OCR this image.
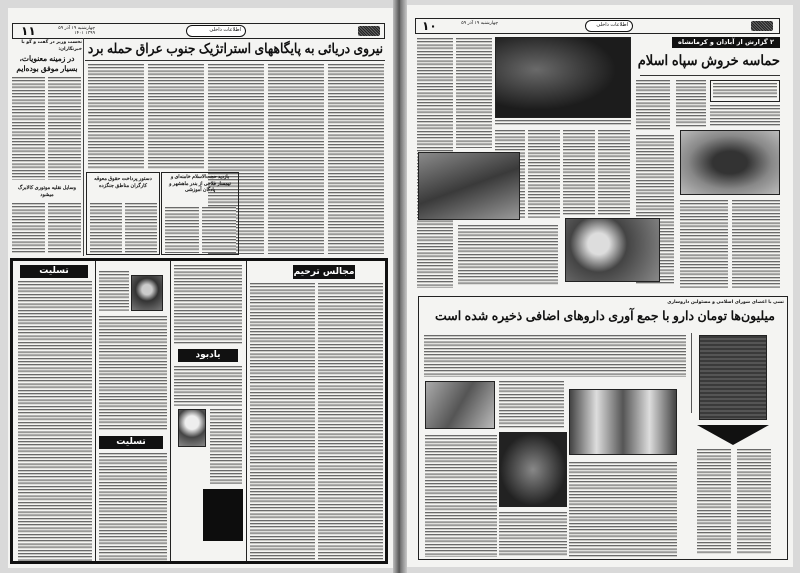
۱۱	چهارشنبه ۱۹ آذر ۵۹
۱۳۹۹ ۱۴۰۱
اطلاعات داخلی
نیروی دریائی به پایگاههای استراتژیک جنوب عراق حمله برد
نخست وزیر در گفت و گو با خبرنگاران:
در زمینه معنویات،
بسیار موفق بوده‌ایم
وسایل نقلیه موتوری کالابرگ میشود
دستور پرداخت حقوق معوقه کارگران مناطق جنگزده
بازدید حجت‌الاسلام خامنه‌ای و تیمسار فلاحی از بندر ماهشهر و پادگان آموزشی
تسلیت
تسلیت
یادبود
مجالس ترحیم
۱۰	چهارشنبه ۱۹ آذر ۵۹	اطلاعات داخلی
۲ گزارش از آبادان و کرمانشاه
حماسه خروش سپاه اسلام
تشی با اعضای شورای اسلامی و مسئولین داروسازی
میلیون‌ها تومان دارو با جمع آوری داروهای اضافی ذخیره شده است
